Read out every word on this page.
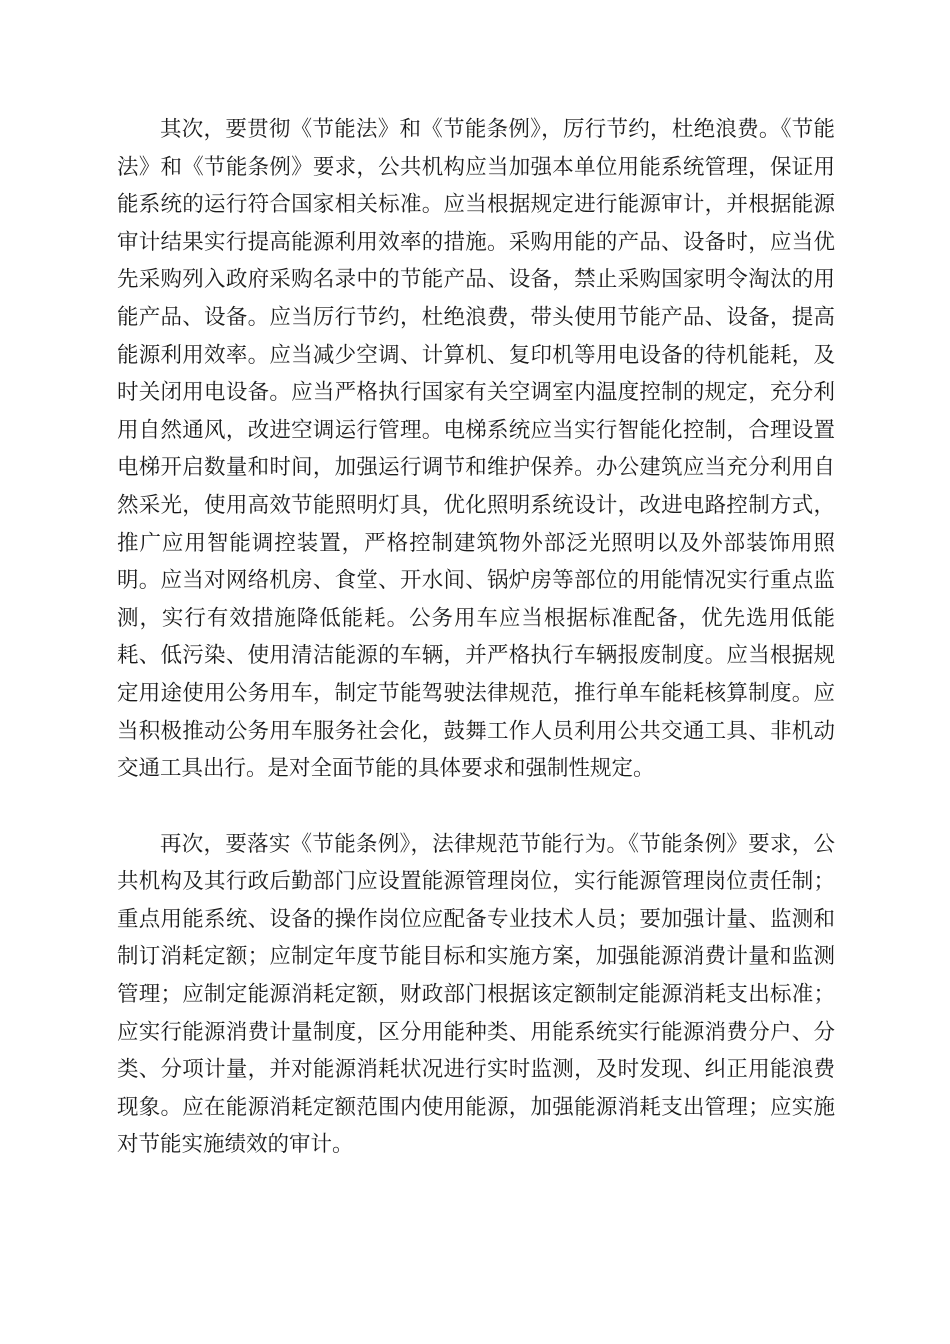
其次，要贯彻《节能法》和《节能条例》，厉行节约，杜绝浪费。《节能法》和《节能条例》要求，公共机构应当加强本单位用能系统管理，保证用能系统的运行符合国家相关标准。应当根据规定进行能源审计，并根据能源审计结果实行提高能源利用效率的措施。采购用能的产品、设备时，应当优先采购列入政府采购名录中的节能产品、设备，禁止采购国家明令淘汰的用能产品、设备。应当厉行节约，杜绝浪费，带头使用节能产品、设备，提高能源利用效率。应当减少空调、计算机、复印机等用电设备的待机能耗，及时关闭用电设备。应当严格执行国家有关空调室内温度控制的规定，充分利用自然通风，改进空调运行管理。电梯系统应当实行智能化控制，合理设置电梯开启数量和时间，加强运行调节和维护保养。办公建筑应当充分利用自然采光，使用高效节能照明灯具，优化照明系统设计，改进电路控制方式，推广应用智能调控装置，严格控制建筑物外部泛光照明以及外部装饰用照明。应当对网络机房、食堂、开水间、锅炉房等部位的用能情况实行重点监测，实行有效措施降低能耗。公务用车应当根据标准配备，优先选用低能耗、低污染、使用清洁能源的车辆，并严格执行车辆报废制度。应当根据规定用途使用公务用车，制定节能驾驶法律规范，推行单车能耗核算制度。应当积极推动公务用车服务社会化，鼓舞工作人员利用公共交通工具、非机动交通工具出行。是对全面节能的具体要求和强制性规定。

再次，要落实《节能条例》，法律规范节能行为。《节能条例》要求，公共机构及其行政后勤部门应设置能源管理岗位，实行能源管理岗位责任制；重点用能系统、设备的操作岗位应配备专业技术人员；要加强计量、监测和制订消耗定额；应制定年度节能目标和实施方案，加强能源消费计量和监测管理；应制定能源消耗定额，财政部门根据该定额制定能源消耗支出标准；应实行能源消费计量制度，区分用能种类、用能系统实行能源消费分户、分类、分项计量，并对能源消耗状况进行实时监测，及时发现、纠正用能浪费现象。应在能源消耗定额范围内使用能源，加强能源消耗支出管理；应实施对节能实施绩效的审计。
